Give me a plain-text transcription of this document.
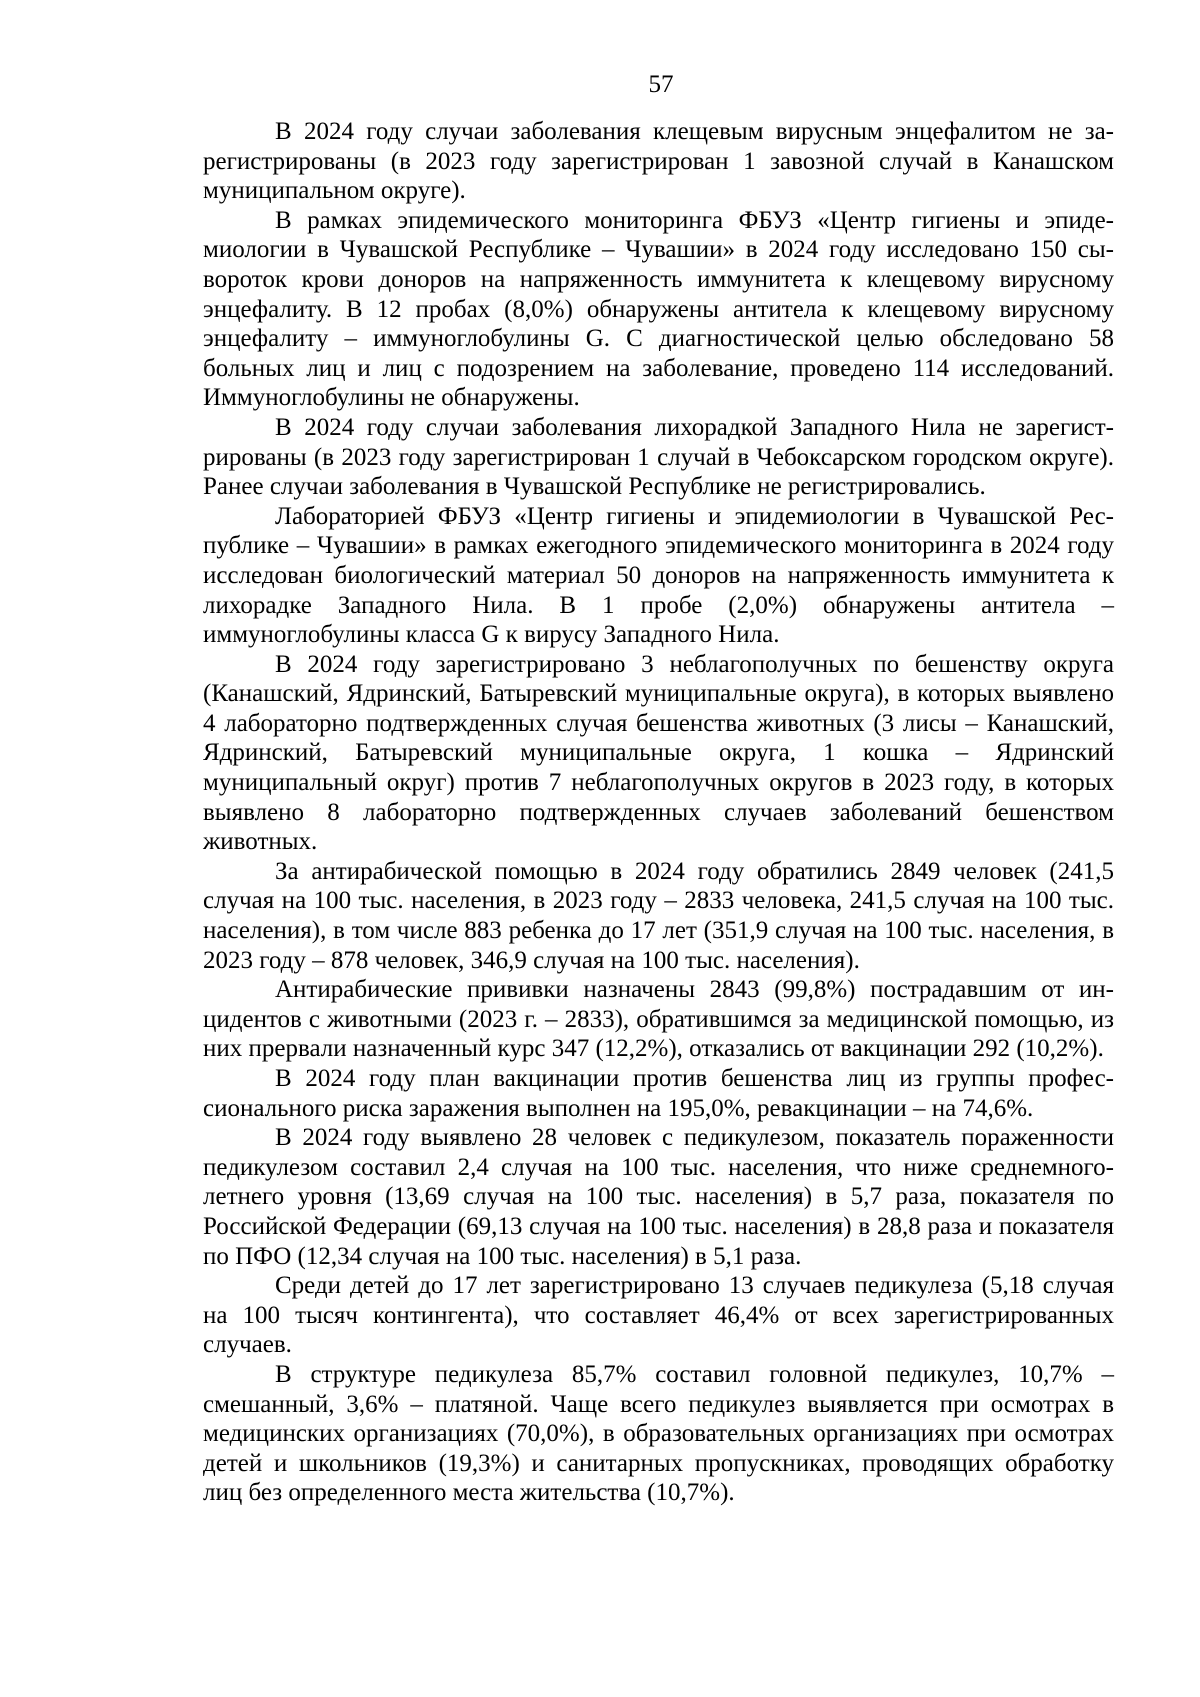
57

В 2024 году случаи заболевания клещевым вирусным энцефалитом не зарегистрированы (в 2023 году зарегистрирован 1 завозной случай в Канашском муниципальном округе).

В рамках эпидемического мониторинга ФБУЗ «Центр гигиены и эпидемиологии в Чувашской Республике – Чувашии» в 2024 году исследовано 150 сывороток крови доноров на напряженность иммунитета к клещевому вирусному энцефалиту. В 12 пробах (8,0%) обнаружены антитела к клещевому вирусному энцефалиту – иммуноглобулины G. С диагностической целью обследовано 58 больных лиц и лиц с подозрением на заболевание, проведено 114 исследований. Иммуноглобулины не обнаружены.

В 2024 году случаи заболевания лихорадкой Западного Нила не зарегистрированы (в 2023 году зарегистрирован 1 случай в Чебоксарском городском округе). Ранее случаи заболевания в Чувашской Республике не регистрировались.

Лабораторией ФБУЗ «Центр гигиены и эпидемиологии в Чувашской Республике – Чувашии» в рамках ежегодного эпидемического мониторинга в 2024 году исследован биологический материал 50 доноров на напряженность иммунитета к лихорадке Западного Нила. В 1 пробе (2,0%) обнаружены антитела – иммуноглобулины класса G к вирусу Западного Нила.

В 2024 году зарегистрировано 3 неблагополучных по бешенству округа (Канашский, Ядринский, Батыревский муниципальные округа), в которых выявлено 4 лабораторно подтвержденных случая бешенства животных (3 лисы – Канашский, Ядринский, Батыревский муниципальные округа, 1 кошка – Ядринский муниципальный округ) против 7 неблагополучных округов в 2023 году, в которых выявлено 8 лабораторно подтвержденных случаев заболеваний бешенством животных.

За антирабической помощью в 2024 году обратились 2849 человек (241,5 случая на 100 тыс. населения, в 2023 году – 2833 человека, 241,5 случая на 100 тыс. населения), в том числе 883 ребенка до 17 лет (351,9 случая на 100 тыс. населения, в 2023 году – 878 человек, 346,9 случая на 100 тыс. населения).

Антирабические прививки назначены 2843 (99,8%) пострадавшим от инцидентов с животными (2023 г. – 2833), обратившимся за медицинской помощью, из них прервали назначенный курс 347 (12,2%), отказались от вакцинации 292 (10,2%).

В 2024 году план вакцинации против бешенства лиц из группы профессионального риска заражения выполнен на 195,0%, ревакцинации – на 74,6%.

В 2024 году выявлено 28 человек с педикулезом, показатель пораженности педикулезом составил 2,4 случая на 100 тыс. населения, что ниже среднемноголетнего уровня (13,69 случая на 100 тыс. населения) в 5,7 раза, показателя по Российской Федерации (69,13 случая на 100 тыс. населения) в 28,8 раза и показателя по ПФО (12,34 случая на 100 тыс. населения) в 5,1 раза.

Среди детей до 17 лет зарегистрировано 13 случаев педикулеза (5,18 случая на 100 тысяч контингента), что составляет 46,4% от всех зарегистрированных случаев.

В структуре педикулеза 85,7% составил головной педикулез, 10,7% – смешанный, 3,6% – платяной. Чаще всего педикулез выявляется при осмотрах в медицинских организациях (70,0%), в образовательных организациях при осмотрах детей и школьников (19,3%) и санитарных пропускниках, проводящих обработку лиц без определенного места жительства (10,7%).
